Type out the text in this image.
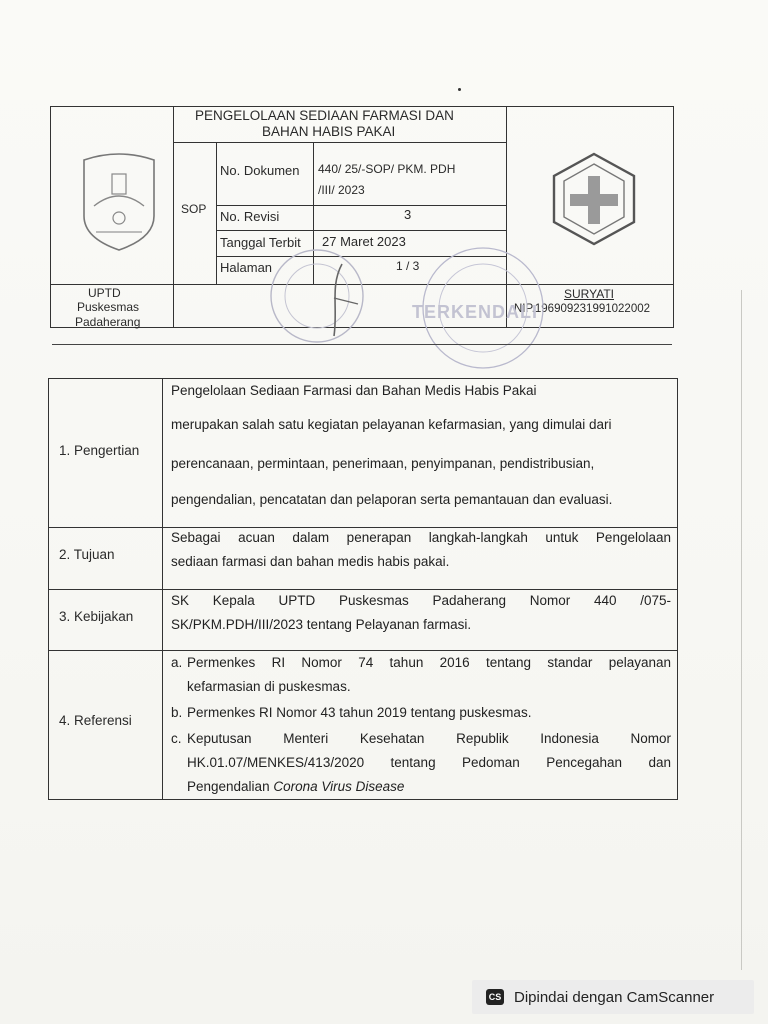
PENGELOLAAN SEDIAAN FARMASI DAN
BAHAN HABIS PAKAI
SOP
No. Dokumen 440/ 25/-SOP/ PKM. PDH
/III/ 2023
No. Revisi	3
Tanggal Terbit 27 Maret 2023
Halaman	1 / 3
UPTD
Puskesmas
Padaherang
SURYATI
NIP.196909231991022002
TERKENDALI
1. Pengertian
Pengelolaan Sediaan Farmasi dan Bahan Medis Habis Pakai
merupakan salah satu kegiatan pelayanan kefarmasian, yang dimulai dari
perencanaan, permintaan, penerimaan, penyimpanan, pendistribusian,
pengendalian, pencatatan dan pelaporan serta pemantauan dan evaluasi.
2. Tujuan
Sebagai acuan dalam penerapan langkah-langkah untuk Pengelolaan
sediaan farmasi dan bahan medis habis pakai.
3. Kebijakan
SK Kepala UPTD Puskesmas Padaherang Nomor 440 /075-
SK/PKM.PDH/III/2023 tentang Pelayanan farmasi.
4. Referensi
a. Permenkes RI Nomor 74 tahun 2016 tentang standar pelayanan
kefarmasian di puskesmas.
b. Permenkes RI Nomor 43 tahun 2019 tentang puskesmas.
c. Keputusan Menteri Kesehatan Republik Indonesia Nomor
HK.01.07/MENKES/413/2020 tentang Pedoman Pencegahan dan
Pengendalian Corona Virus Disease
CS Dipindai dengan CamScanner
